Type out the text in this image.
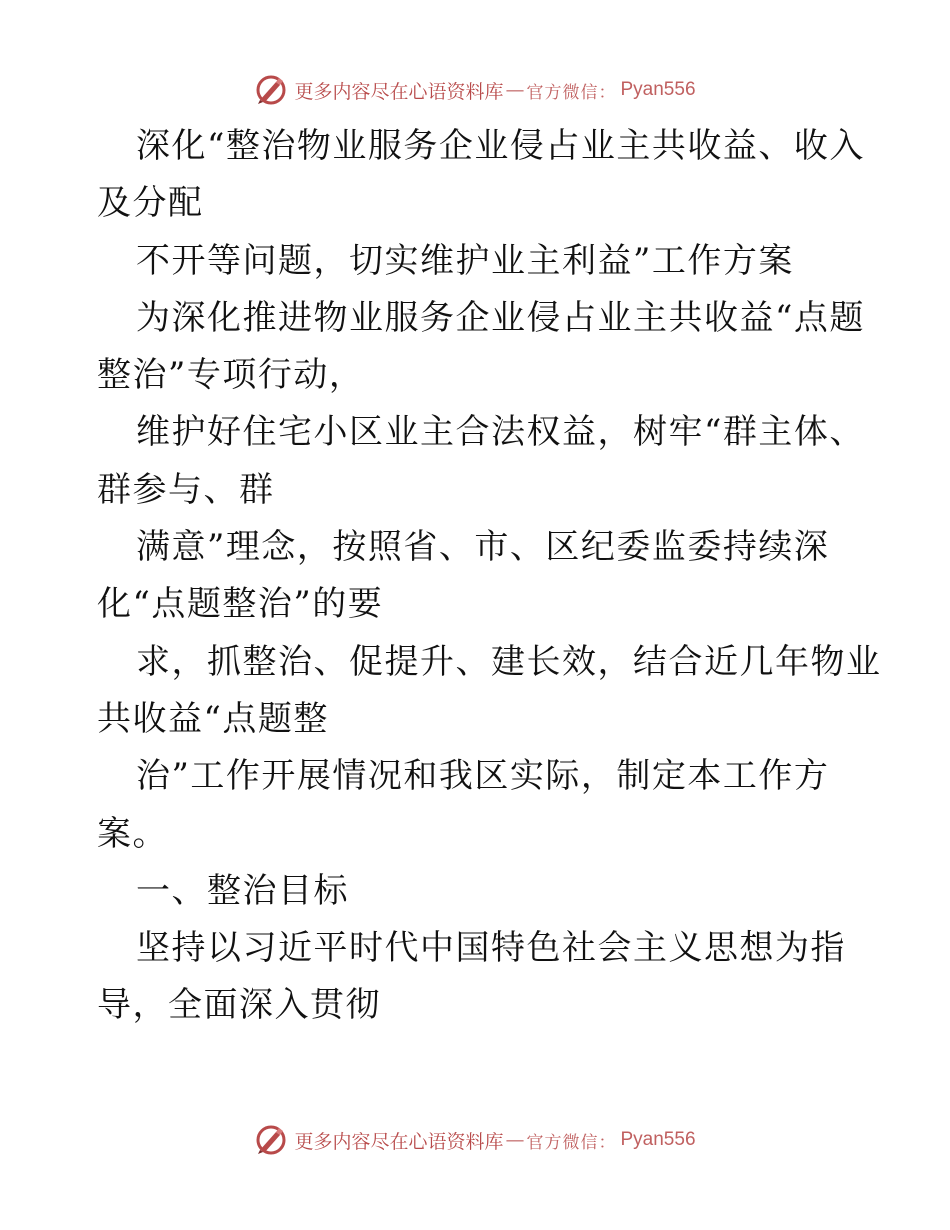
更多内容尽在心语资料库 — 官方微信： Pyan556
深化“整治物业服务企业侵占业主共收益、收入
及分配
不开等问题，切实维护业主利益”工作方案
为深化推进物业服务企业侵占业主共收益“点题
整治”专项行动，
维护好住宅小区业主合法权益，树牢“群主体、
群参与、群
满意”理念，按照省、市、区纪委监委持续深
化“点题整治”的要
求，抓整治、促提升、建长效，结合近几年物业
共收益“点题整
治”工作开展情况和我区实际，制定本工作方
案。
一、整治目标
坚持以习近平时代中国特色社会主义思想为指
导，全面深入贯彻
更多内容尽在心语资料库 — 官方微信： Pyan556
